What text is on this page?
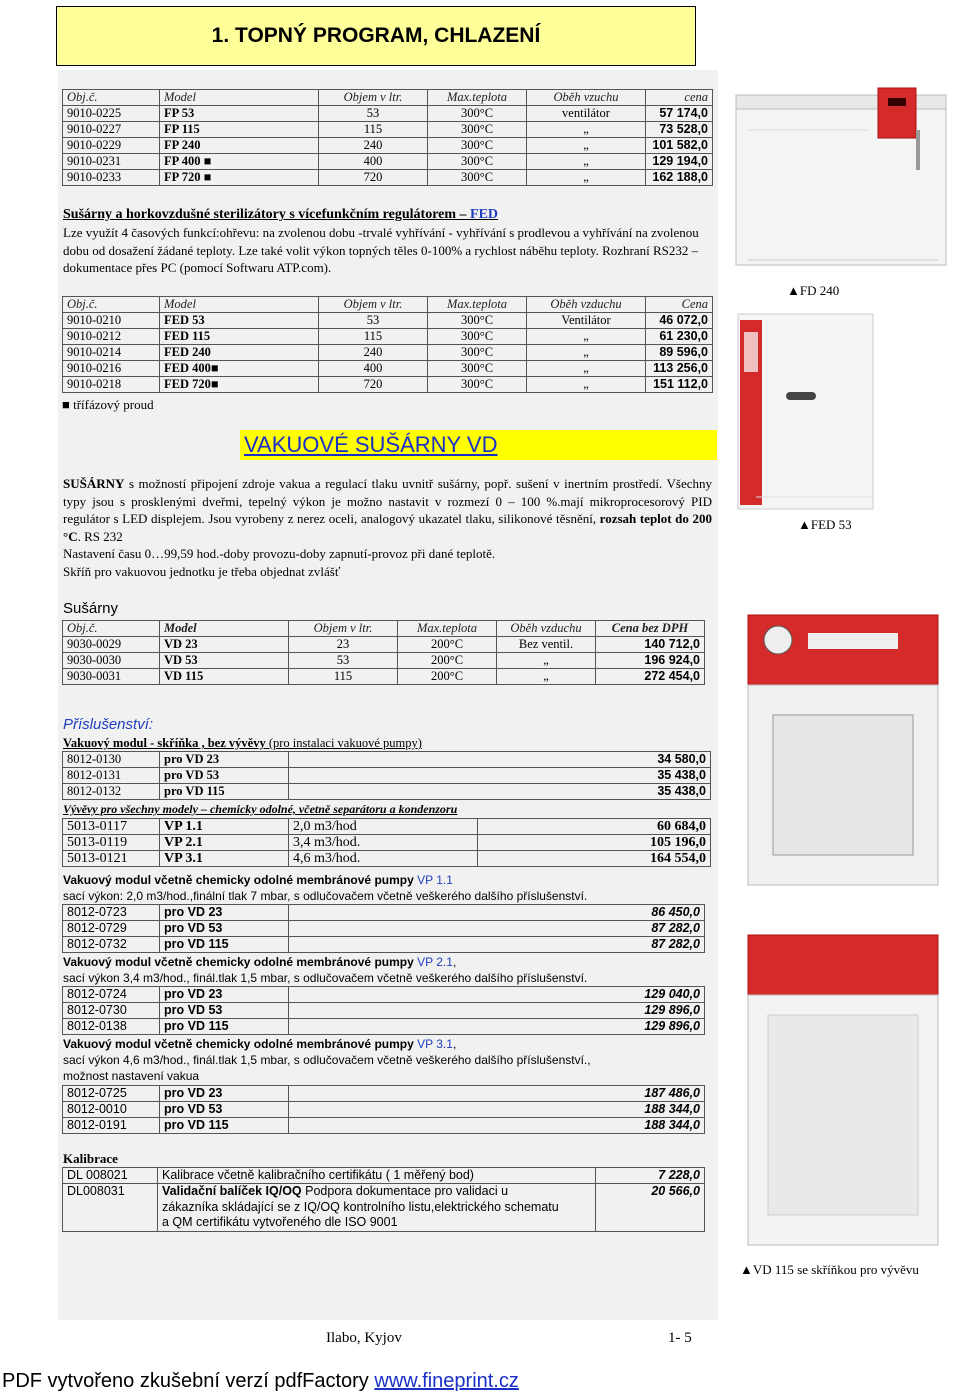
1. TOPNÝ PROGRAM, CHLAZENÍ
Obj.č.	Model	Objem v ltr.	Max.teplota	Oběh vzuchu	cena
9010-0225	FP 53	53	300°C	ventilátor	57 174,0
9010-0227	FP 115	115	300°C	„	73 528,0
9010-0229	FP 240	240	300°C	„	101 582,0
9010-0231	FP 400 ■	400	300°C	„	129 194,0
9010-0233	FP 720 ■	720	300°C	„	162 188,0
Sušárny a horkovzdušné sterilizátory s vícefunkčním regulátorem – FED
Lze využít 4 časových funkcí:ohřevu: na zvolenou dobu -trvalé vyhřívání - vyhřívání s prodlevou a vyhřívání na zvolenou dobu od dosažení žádané teploty. Lze také volit výkon topných těles 0-100% a rychlost náběhu teploty. Rozhraní RS232 – dokumentace přes PC (pomocí Softwaru ATP.com).
Obj.č.	Model	Objem v ltr.	Max.teplota	Oběh vzduchu	Cena
9010-0210	FED 53	53	300°C	Ventilátor	46 072,0
9010-0212	FED 115	115	300°C	„	61 230,0
9010-0214	FED 240	240	300°C	„	89 596,0
9010-0216	FED 400■	400	300°C	„	113 256,0
9010-0218	FED 720■	720	300°C	„	151 112,0
■ třífázový proud
VAKUOVÉ SUŠÁRNY VD
SUŠÁRNY s možností připojení zdroje vakua a regulací tlaku uvnitř sušárny, popř. sušení v inertním prostředí. Všechny typy jsou s prosklenými dveřmi, tepelný výkon je možno nastavit v rozmezí 0 – 100 %.mají mikroprocesorový PID regulátor s LED displejem. Jsou vyrobeny z nerez oceli, analogový ukazatel tlaku, silikonové těsnění, rozsah teplot do 200 °C. RS 232
Nastavení času 0…99,59 hod.-doby provozu-doby zapnutí-provoz při dané teplotě.
Skříň pro vakuovou jednotku je třeba objednat zvlášť
Sušárny
Obj.č.	Model	Objem v ltr.	Max.teplota	Oběh vzduchu	Cena bez DPH
9030-0029	VD 23	23	200°C	Bez ventil.	140 712,0
9030-0030	VD 53	53	200°C	„	196 924,0
9030-0031	VD 115	115	200°C	„	272 454,0
Příslušenství:
Vakuový modul - skříňka , bez vývěvy (pro instalaci vakuové pumpy)
8012-0130	pro VD 23	34 580,0
8012-0131	pro VD 53	35 438,0
8012-0132	pro VD 115	35 438,0
Vývěvy pro všechny modely – chemicky odolné, včetně separátoru a kondenzoru
5013-0117	VP 1.1	2,0 m3/hod	60 684,0
5013-0119	VP 2.1	3,4 m3/hod.	105 196,0
5013-0121	VP 3.1	4,6 m3/hod.	164 554,0
Vakuový modul včetně chemicky odolné membránové pumpy VP 1.1
sací výkon: 2,0 m3/hod.,finální tlak 7 mbar, s odlučovačem včetně veškerého dalšího příslušenství.
8012-0723	pro VD 23	86 450,0
8012-0729	pro VD 53	87 282,0
8012-0732	pro VD 115	87 282,0
Vakuový modul včetně chemicky odolné membránové pumpy VP 2.1,
sací výkon 3,4 m3/hod., finál.tlak 1,5 mbar, s odlučovačem včetně veškerého dalšího příslušenství.
8012-0724	pro VD 23	129 040,0
8012-0730	pro VD 53	129 896,0
8012-0138	pro VD 115	129 896,0
Vakuový modul včetně chemicky odolné membránové pumpy VP 3.1,
sací výkon 4,6 m3/hod., finál.tlak 1,5 mbar, s odlučovačem včetně veškerého dalšího příslušenství.,
možnost nastavení vakua
8012-0725	pro VD 23	187 486,0
8012-0010	pro VD 53	188 344,0
8012-0191	pro VD 115	188 344,0
Kalibrace
DL 008021	Kalibrace včetně kalibračního certifikátu ( 1 měřený bod)	7 228,0
DL008031	Validační balíček IQ/OQ Podpora dokumentace pro validaci u
zákazníka skládající se z IQ/OQ kontrolního listu,elektrického schematu
a QM certifikátu vytvořeného dle ISO 9001	20 566,0
▲FD 240
▲FED 53
▲VD 115 se skříňkou pro vývěvu
Ilabo, Kyjov	1- 5
PDF vytvořeno zkušební verzí pdfFactory www.fineprint.cz
